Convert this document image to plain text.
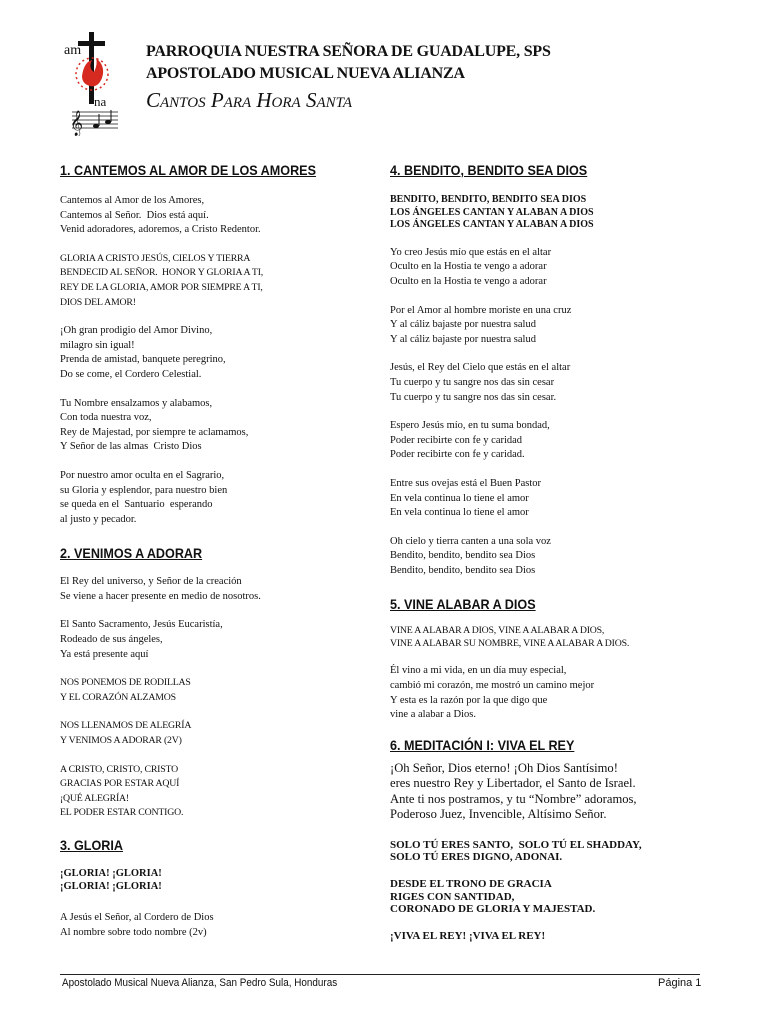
am
na
𝄞
PARROQUIA NUESTRA SEÑORA DE GUADALUPE, SPS
APOSTOLADO MUSICAL NUEVA ALIANZA
Cantos Para Hora Santa

1. CANTEMOS AL AMOR DE LOS AMORES

Cantemos al Amor de los Amores,
Cantemos al Señor.  Dios está aquí.
Venid adoradores, adoremos, a Cristo Redentor.

GLORIA A CRISTO JESÚS, CIELOS Y TIERRA
BENDECID AL SEÑOR.  HONOR Y GLORIA A TI,
REY DE LA GLORIA, AMOR POR SIEMPRE A TI,
DIOS DEL AMOR!

¡Oh gran prodigio del Amor Divino,
milagro sin igual!
Prenda de amistad, banquete peregrino,
Do se come, el Cordero Celestial.

Tu Nombre ensalzamos y alabamos,
Con toda nuestra voz,
Rey de Majestad, por siempre te aclamamos,
Y Señor de las almas  Cristo Dios

Por nuestro amor oculta en el Sagrario,
su Gloria y esplendor, para nuestro bien
se queda en el  Santuario  esperando
al justo y pecador.

2. VENIMOS A ADORAR

El Rey del universo, y Señor de la creación
Se viene a hacer presente en medio de nosotros.

El Santo Sacramento, Jesús Eucaristía,
Rodeado de sus ángeles,
Ya está presente aquí

NOS PONEMOS DE RODILLAS
Y EL CORAZÓN ALZAMOS

NOS LLENAMOS DE ALEGRÍA
Y VENIMOS A ADORAR (2V)

A CRISTO, CRISTO, CRISTO
GRACIAS POR ESTAR AQUÍ
¡QUÉ ALEGRÍA!
EL PODER ESTAR CONTIGO.

3. GLORIA

¡GLORIA! ¡GLORIA!
¡GLORIA! ¡GLORIA!

A Jesús el Señor, al Cordero de Dios
Al nombre sobre todo nombre (2v)

4. BENDITO, BENDITO SEA DIOS

BENDITO, BENDITO, BENDITO SEA DIOS
LOS ÁNGELES CANTAN Y ALABAN A DIOS
LOS ÁNGELES CANTAN Y ALABAN A DIOS

Yo creo Jesús mío que estás en el altar
Oculto en la Hostia te vengo a adorar
Oculto en la Hostia te vengo a adorar

Por el Amor al hombre moriste en una cruz
Y al cáliz bajaste por nuestra salud
Y al cáliz bajaste por nuestra salud

Jesús, el Rey del Cielo que estás en el altar
Tu cuerpo y tu sangre nos das sin cesar
Tu cuerpo y tu sangre nos das sin cesar.

Espero Jesús mío, en tu suma bondad,
Poder recibirte con fe y caridad
Poder recibirte con fe y caridad.

Entre sus ovejas está el Buen Pastor
En vela continua lo tiene el amor
En vela continua lo tiene el amor

Oh cielo y tierra canten a una sola voz
Bendito, bendito, bendito sea Dios
Bendito, bendito, bendito sea Dios

5. VINE ALABAR A DIOS

VINE A ALABAR A DIOS, VINE A ALABAR A DIOS,
VINE A ALABAR SU NOMBRE, VINE A ALABAR A DIOS.

Él vino a mi vida, en un día muy especial,
cambió mi corazón, me mostró un camino mejor
Y esta es la razón por la que digo que
vine a alabar a Dios.

6. MEDITACIÓN I: VIVA EL REY

¡Oh Señor, Dios eterno! ¡Oh Dios Santísimo!
eres nuestro Rey y Libertador, el Santo de Israel.
Ante ti nos postramos, y tu “Nombre” adoramos,
Poderoso Juez, Invencible, Altísimo Señor.

SOLO TÚ ERES SANTO,  SOLO TÚ EL SHADDAY,
SOLO TÚ ERES DIGNO, ADONAI.

DESDE EL TRONO DE GRACIA
RIGES CON SANTIDAD,
CORONADO DE GLORIA Y MAJESTAD.

¡VIVA EL REY! ¡VIVA EL REY!

Apostolado Musical Nueva Alianza, San Pedro Sula, Honduras	Página 1
